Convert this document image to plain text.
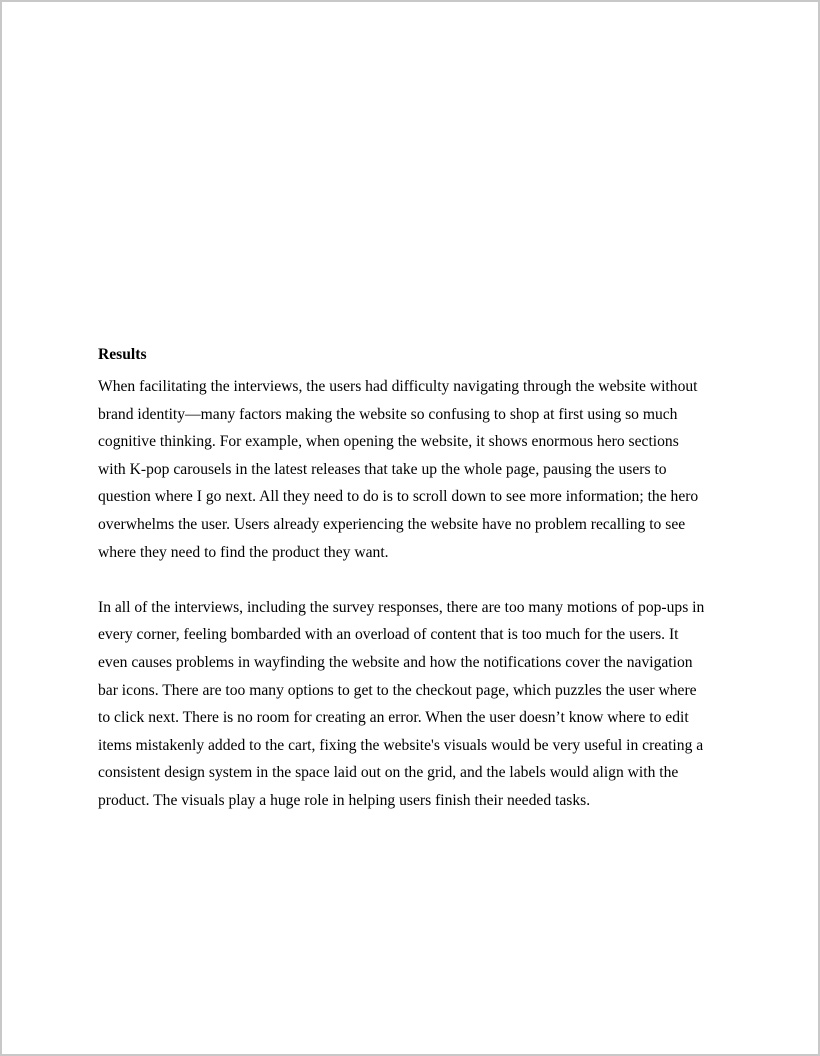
Results

When facilitating the interviews, the users had difficulty navigating through the website without
brand identity—many factors making the website so confusing to shop at first using so much
cognitive thinking. For example, when opening the website, it shows enormous hero sections
with K-pop carousels in the latest releases that take up the whole page, pausing the users to
question where I go next. All they need to do is to scroll down to see more information; the hero
overwhelms the user. Users already experiencing the website have no problem recalling to see
where they need to find the product they want.

In all of the interviews, including the survey responses, there are too many motions of pop-ups in
every corner, feeling bombarded with an overload of content that is too much for the users. It
even causes problems in wayfinding the website and how the notifications cover the navigation
bar icons. There are too many options to get to the checkout page, which puzzles the user where
to click next. There is no room for creating an error. When the user doesn’t know where to edit
items mistakenly added to the cart, fixing the website's visuals would be very useful in creating a
consistent design system in the space laid out on the grid, and the labels would align with the
product. The visuals play a huge role in helping users finish their needed tasks.
